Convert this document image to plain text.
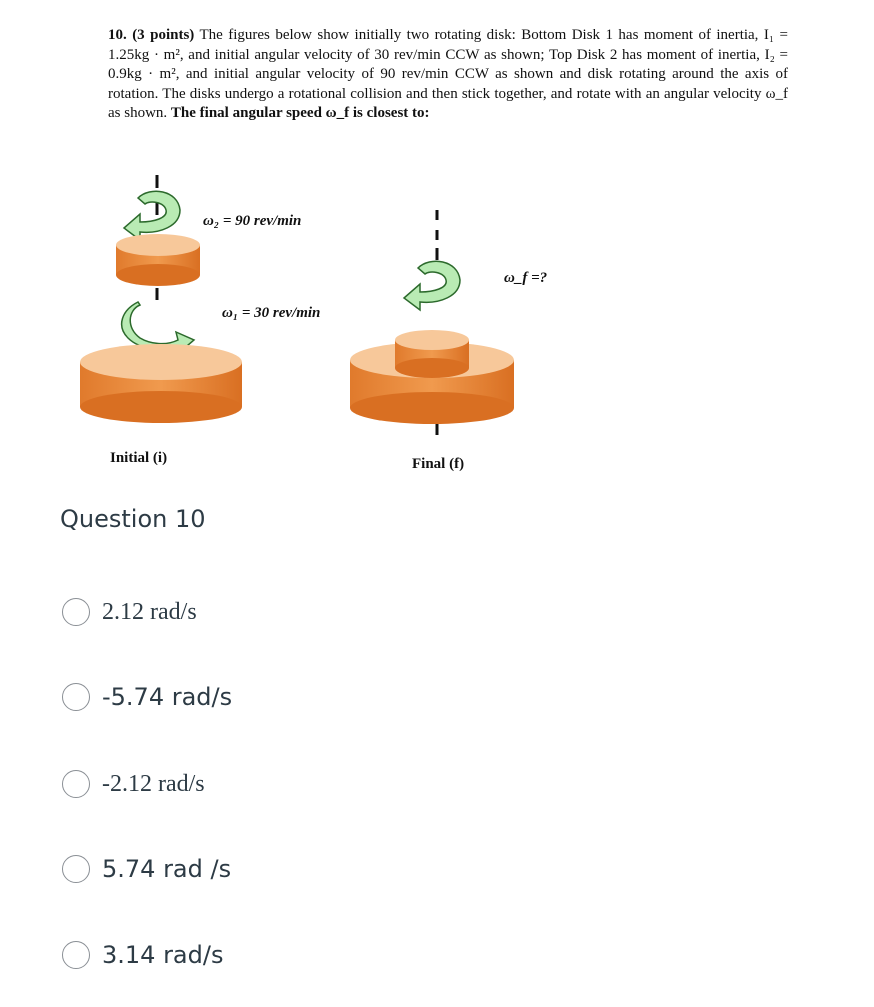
10. (3 points) The figures below show initially two rotating disk: Bottom Disk 1 has moment of inertia, I₁ = 1.25kg · m², and initial angular velocity of 30 rev/min CCW as shown; Top Disk 2 has moment of inertia, I₂ = 0.9kg · m², and initial angular velocity of 90 rev/min CCW as shown and disk rotating around the axis of rotation. The disks undergo a rotational collision and then stick together, and rotate with an angular velocity ω_f as shown. The final angular speed ω_f is closest to:
ω₂ = 90 rev/min
ω₁ = 30 rev/min
ω_f =?
Initial (i)	Final (f)
Question 10
2.12 rad/s
-5.74 rad/s
-2.12 rad/s
5.74 rad /s
3.14 rad/s
